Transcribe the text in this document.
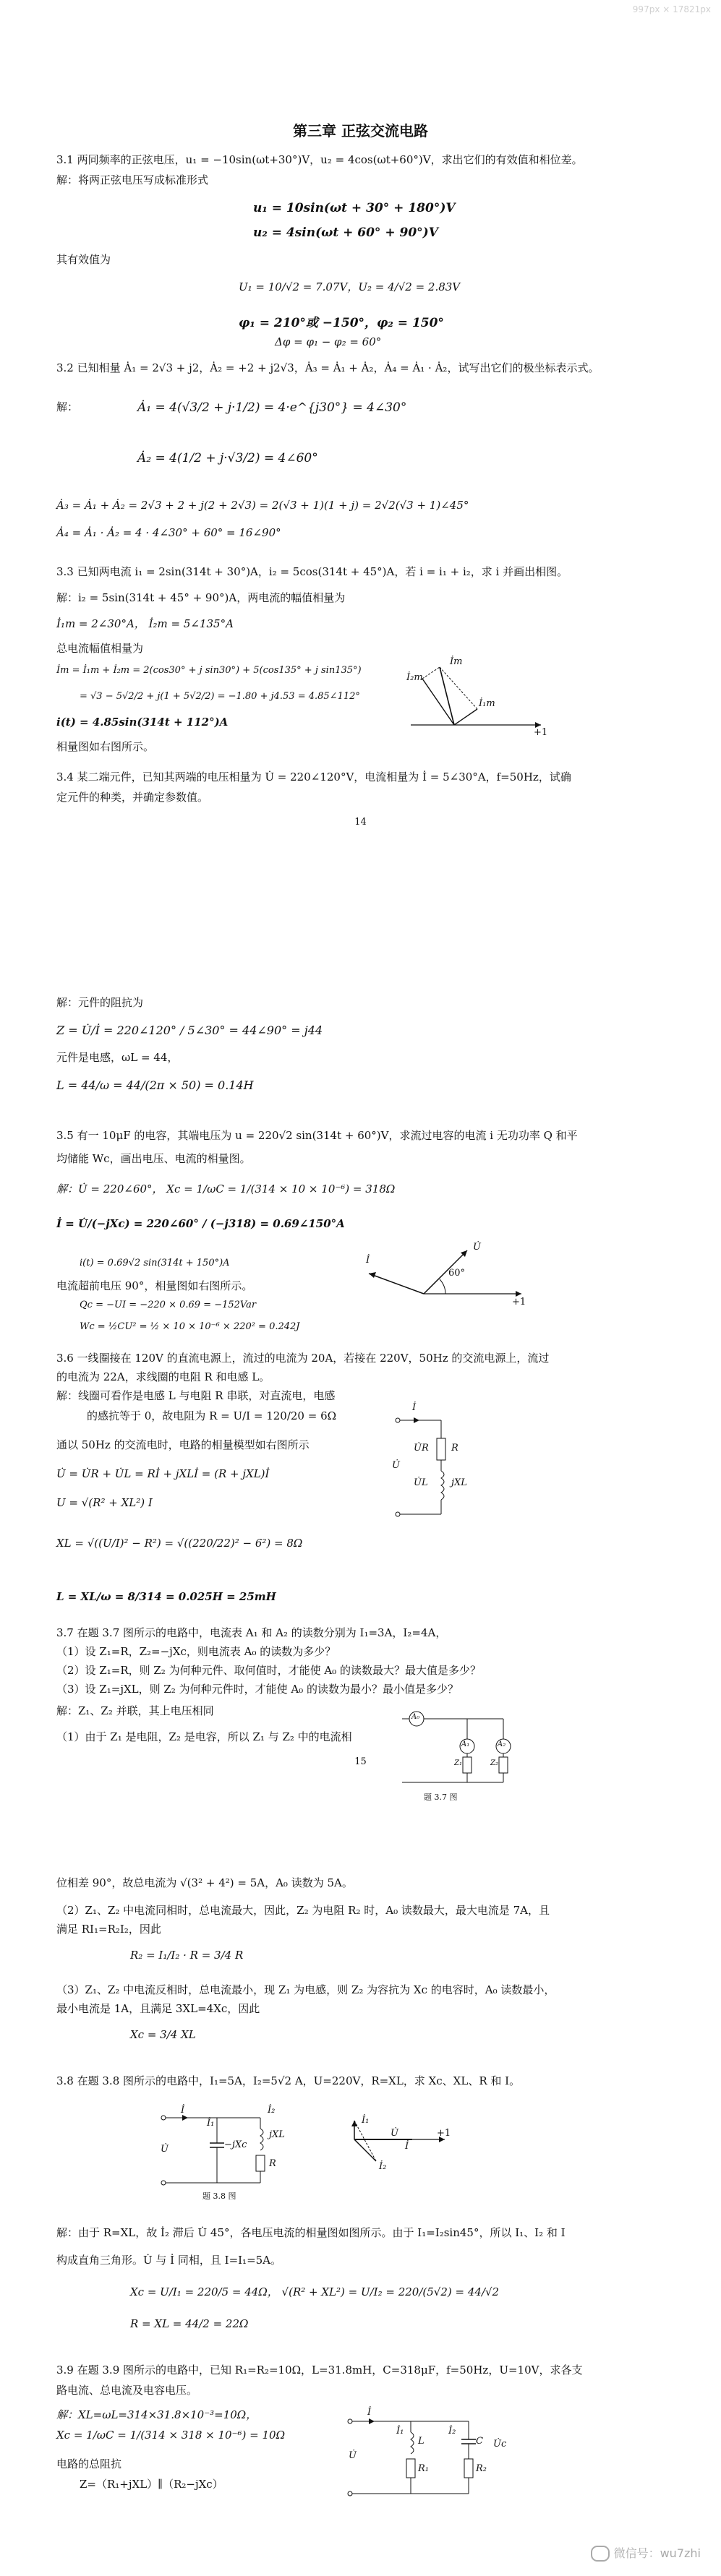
997px × 17821px
第三章 正弦交流电路
3.1 两同频率的正弦电压，u₁ = −10sin(ωt+30°)V，u₂ = 4cos(ωt+60°)V，求出它们的有效值和相位差。
解：将两正弦电压写成标准形式
u₁ = 10sin(ωt + 30° + 180°)V
u₂ = 4sin(ωt + 60° + 90°)V
其有效值为
U₁ = 10/√2 = 7.07V，U₂ = 4/√2 = 2.83V
φ₁ = 210°或 −150°，φ₂ = 150°
Δφ = φ₁ − φ₂ = 60°
3.2 已知相量 Ȧ₁ = 2√3 + j2，Ȧ₂ = +2 + j2√3，Ȧ₃ = Ȧ₁ + Ȧ₂，Ȧ₄ = Ȧ₁ · Ȧ₂，试写出它们的极坐标表示式。
解：	Ȧ₁ = 4(√3/2 + j·1/2) = 4·e^{j30°} = 4∠30°
Ȧ₂ = 4(1/2 + j·√3/2) = 4∠60°
Ȧ₃ = Ȧ₁ + Ȧ₂ = 2√3 + 2 + j(2 + 2√3) = 2(√3 + 1)(1 + j) = 2√2(√3 + 1)∠45°
Ȧ₄ = Ȧ₁ · Ȧ₂ = 4 · 4∠30° + 60° = 16∠90°
3.3 已知两电流 i₁ = 2sin(314t + 30°)A，i₂ = 5cos(314t + 45°)A，若 i = i₁ + i₂，求 i 并画出相图。
解：i₂ = 5sin(314t + 45° + 90°)A，两电流的幅值相量为
İ₁m = 2∠30°A， İ₂m = 5∠135°A
总电流幅值相量为
İm = İ₁m + İ₂m = 2(cos30° + j sin30°) + 5(cos135° + j sin135°)
= √3 − 5√2/2 + j(1 + 5√2/2) = −1.80 + j4.53 = 4.85∠112°
i(t) = 4.85sin(314t + 112°)A
相量图如右图所示。
İm
İ₂m
İ₁m
+1
3.4 某二端元件，已知其两端的电压相量为 U̇ = 220∠120°V，电流相量为 İ = 5∠30°A，f=50Hz，试确
定元件的种类，并确定参数值。
14
解：元件的阻抗为
Z = U̇/İ = 220∠120° / 5∠30° = 44∠90° = j44
元件是电感，ωL = 44，
L = 44/ω = 44/(2π × 50) = 0.14H
3.5 有一 10μF 的电容，其端电压为 u = 220√2 sin(314t + 60°)V，求流过电容的电流 i 无功功率 Q 和平
均储能 Wc，画出电压、电流的相量图。
解：U̇ = 220∠60°， Xc = 1/ωC = 1/(314 × 10 × 10⁻⁶) = 318Ω
İ = U̇/(−jXc) = 220∠60° / (−j318) = 0.69∠150°A
i(t) = 0.69√2 sin(314t + 150°)A
电流超前电压 90°，相量图如右图所示。
Qc = −UI = −220 × 0.69 = −152Var
Wc = ½CU² = ½ × 10 × 10⁻⁶ × 220² = 0.242J
U̇
İ
60°
+1
3.6 一线圈接在 120V 的直流电源上，流过的电流为 20A，若接在 220V，50Hz 的交流电源上，流过
的电流为 22A，求线圈的电阻 R 和电感 L。
解：线圈可看作是电感 L 与电阻 R 串联，对直流电，电感
的感抗等于 0，故电阻为 R = U/I = 120/20 = 6Ω
通以 50Hz 的交流电时，电路的相量模型如右图所示
U̇ = U̇R + U̇L = Rİ + jXLİ = (R + jXL)İ
U = √(R² + XL²) I
XL = √((U/I)² − R²) = √((220/22)² − 6²) = 8Ω
L = XL/ω = 8/314 = 0.025H = 25mH
İ
U̇R R
U̇
U̇L jXL
3.7 在题 3.7 图所示的电路中，电流表 A₁ 和 A₂ 的读数分别为 I₁=3A，I₂=4A，
（1）设 Z₁=R，Z₂=−jXc，则电流表 A₀ 的读数为多少？
（2）设 Z₁=R，则 Z₂ 为何种元件、取何值时，才能使 A₀ 的读数最大？最大值是多少？
（3）设 Z₁=jXL，则 Z₂ 为何种元件时，才能使 A₀ 的读数为最小？最小值是多少？
解：Z₁、Z₂ 并联，其上电压相同
（1）由于 Z₁ 是电阻，Z₂ 是电容，所以 Z₁ 与 Z₂ 中的电流相
15
A₀
A₂
A₁
Z₁	Z₂
题 3.7 图
位相差 90°，故总电流为 √(3² + 4²) = 5A，A₀ 读数为 5A。
（2）Z₁、Z₂ 中电流同相时，总电流最大，因此，Z₂ 为电阻 R₂ 时，A₀ 读数最大，最大电流是 7A，且
满足 RI₁=R₂I₂，因此
R₂ = I₁/I₂ · R = 3/4 R
（3）Z₁、Z₂ 中电流反相时，总电流最小，现 Z₁ 为电感，则 Z₂ 为容抗为 Xc 的电容时，A₀ 读数最小，
最小电流是 1A，且满足 3XL=4Xc，因此
Xc = 3/4 XL
3.8 在题 3.8 图所示的电路中，I₁=5A，I₂=5√2 A，U=220V，R=XL，求 Xc、XL、R 和 I。
İ
İ₁
İ₂
−jXc
jXL
R
U̇
题 3.8 图
İ₁
U̇
İ
İ₂
+1
解：由于 R=XL，故 İ₂ 滞后 U̇ 45°，各电压电流的相量图如图所示。由于 I₁=I₂sin45°，所以 I₁、I₂ 和 I
构成直角三角形。U̇ 与 İ 同相，且 I=I₁=5A。
Xc = U/I₁ = 220/5 = 44Ω， √(R² + XL²) = U/I₂ = 220/(5√2) = 44/√2
R = XL = 44/2 = 22Ω
3.9 在题 3.9 图所示的电路中，已知 R₁=R₂=10Ω，L=31.8mH，C=318μF，f=50Hz，U=10V，求各支
路电流、总电流及电容电压。
解：XL=ωL=314×31.8×10⁻³=10Ω，
Xc = 1/ωC = 1/(314 × 318 × 10⁻⁶) = 10Ω
电路的总阻抗
Z=（R₁+jXL）∥（R₂−jXc）
İ
İ₁	İ₂
L	C U̇c
R₁	R₂
U̇
微信号：wu7zhi
